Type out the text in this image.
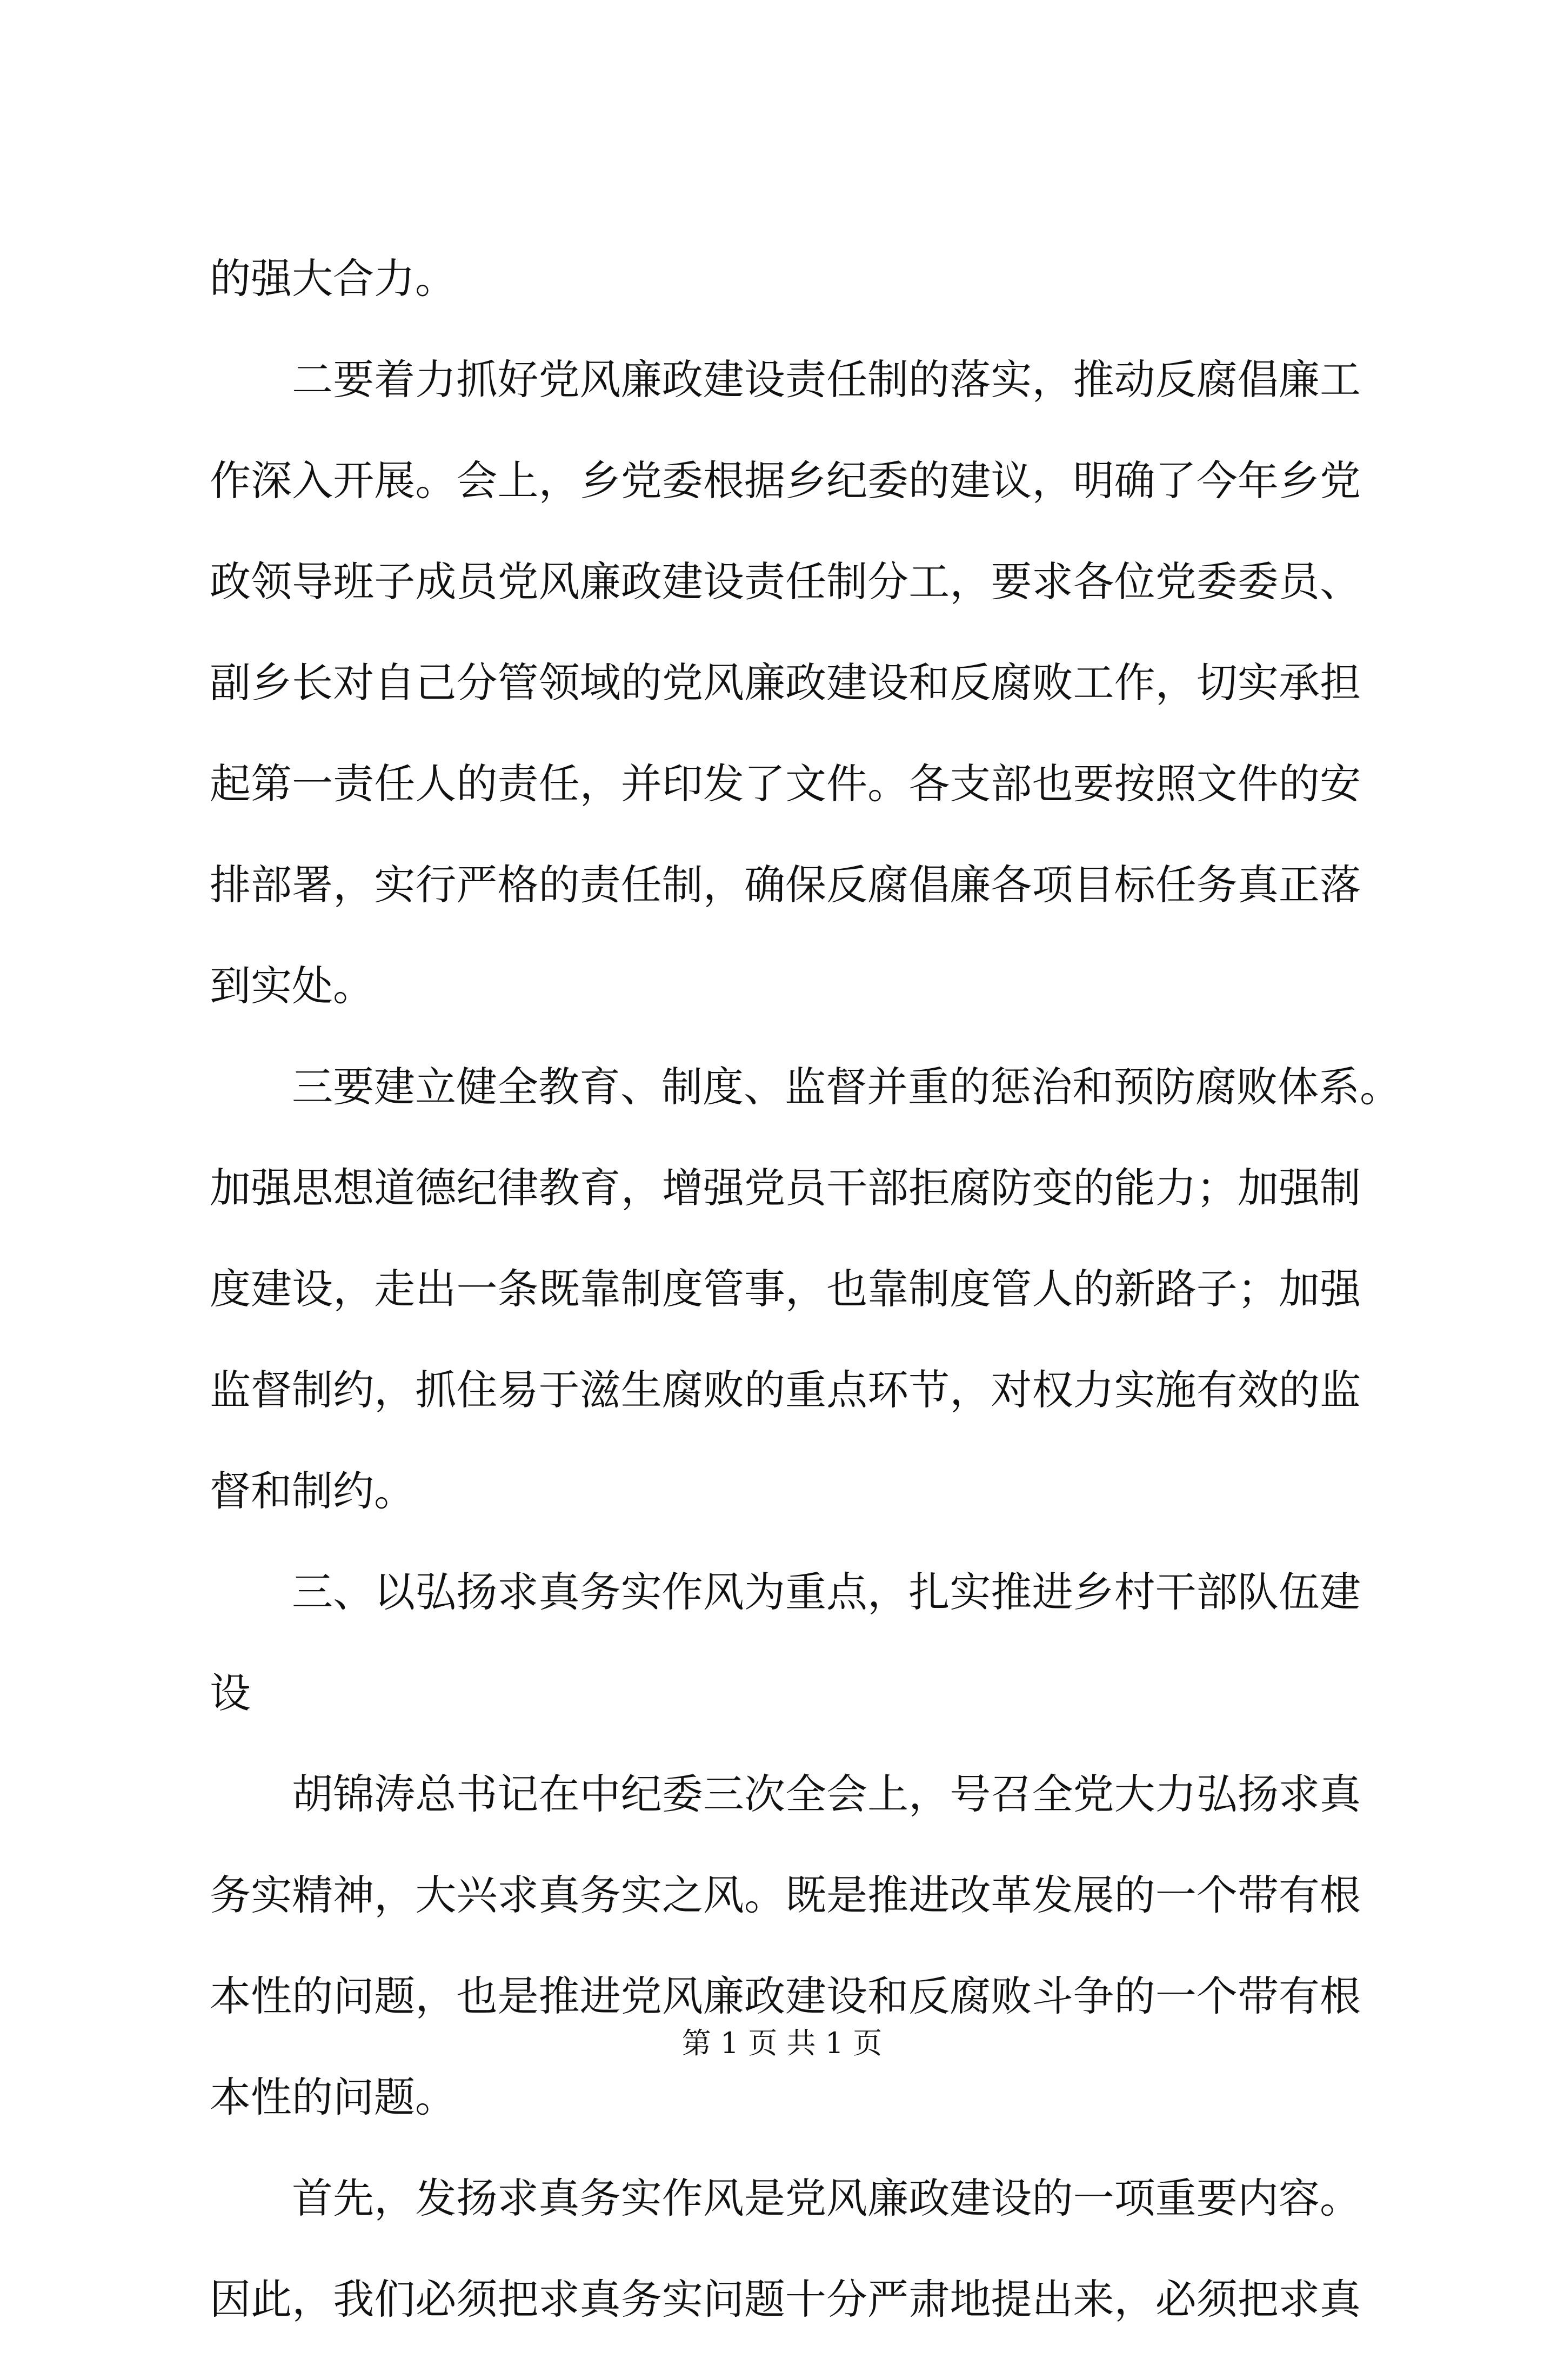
的强大合力。
二要着力抓好党风廉政建设责任制的落实，推动反腐倡廉工
作深入开展。会上，乡党委根据乡纪委的建议，明确了今年乡党
政领导班子成员党风廉政建设责任制分工，要求各位党委委员、
副乡长对自己分管领域的党风廉政建设和反腐败工作，切实承担
起第一责任人的责任，并印发了文件。各支部也要按照文件的安
排部署，实行严格的责任制，确保反腐倡廉各项目标任务真正落
到实处。
三要建立健全教育、制度、监督并重的惩治和预防腐败体系。
加强思想道德纪律教育，增强党员干部拒腐防变的能力；加强制
度建设，走出一条既靠制度管事，也靠制度管人的新路子；加强
监督制约，抓住易于滋生腐败的重点环节，对权力实施有效的监
督和制约。
三、以弘扬求真务实作风为重点，扎实推进乡村干部队伍建
设
胡锦涛总书记在中纪委三次全会上，号召全党大力弘扬求真
务实精神，大兴求真务实之风。既是推进改革发展的一个带有根
本性的问题，也是推进党风廉政建设和反腐败斗争的一个带有根
本性的问题。
首先，发扬求真务实作风是党风廉政建设的一项重要内容。
因此，我们必须把求真务实问题十分严肃地提出来，必须把求真
第 1 页 共 1 页
